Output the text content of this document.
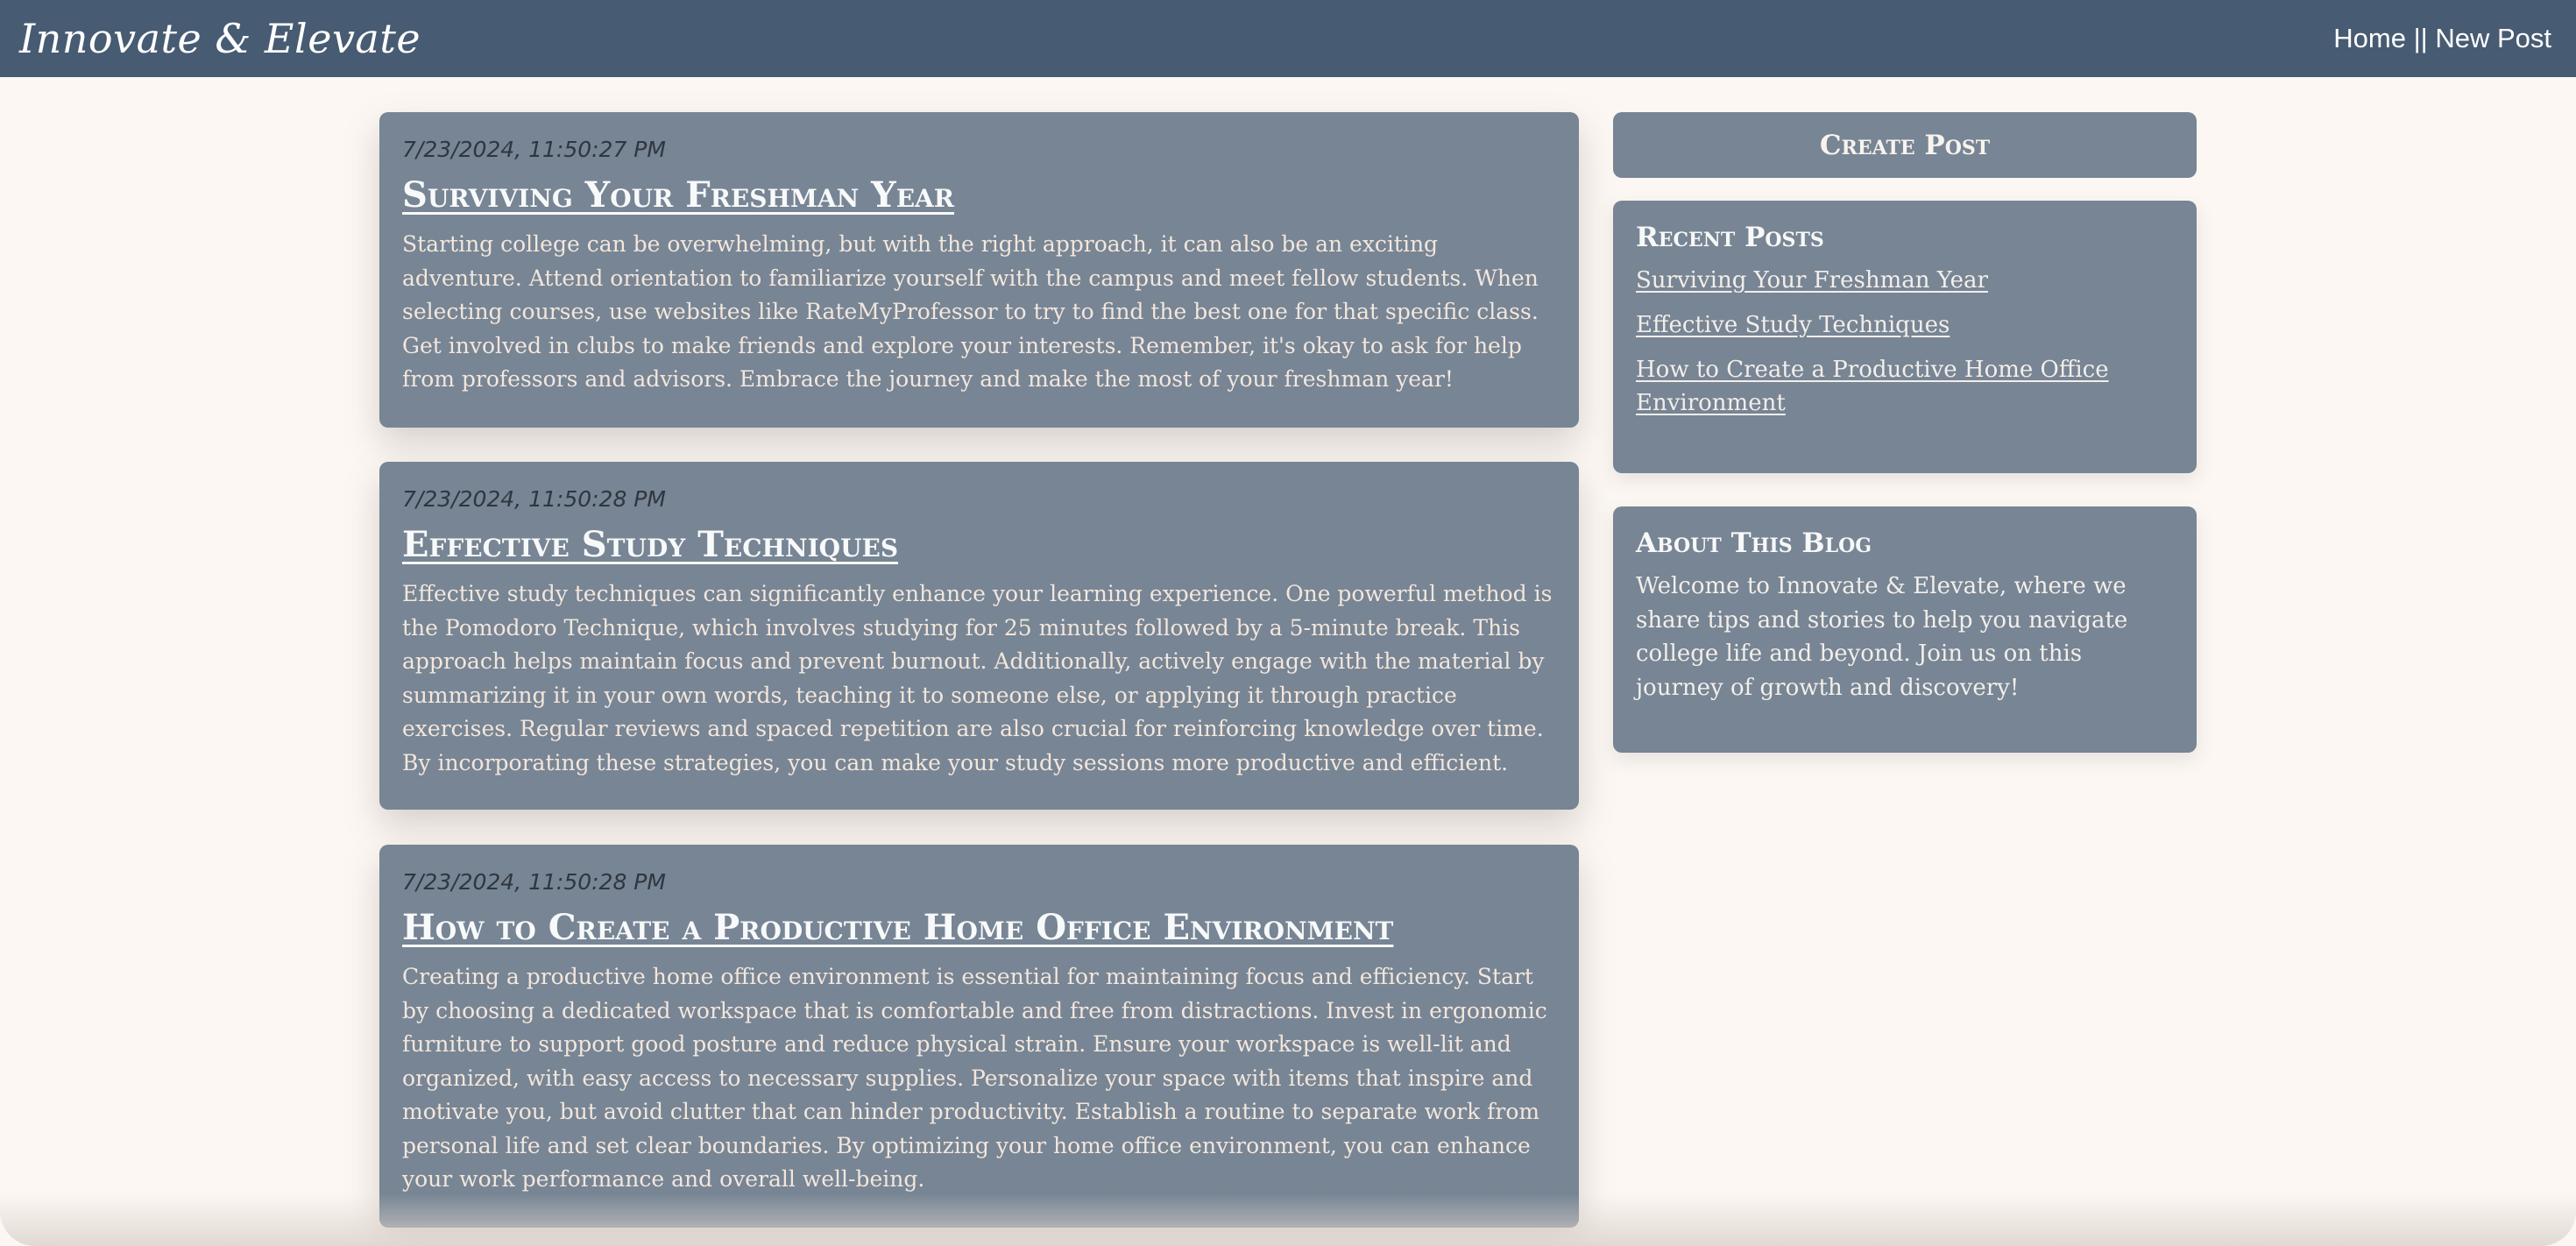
Innovate & Elevate	Home || New Post
7/23/2024, 11:50:27 PM
Surviving Your Freshman Year

Starting college can be overwhelming, but with the right approach, it can also be an exciting adventure. Attend orientation to familiarize yourself with the campus and meet fellow students. When selecting courses, use websites like RateMyProfessor to try to find the best one for that specific class. Get involved in clubs to make friends and explore your interests. Remember, it's okay to ask for help from professors and advisors. Embrace the journey and make the most of your freshman year!

7/23/2024, 11:50:28 PM
Effective Study Techniques

Effective study techniques can significantly enhance your learning experience. One powerful method is the Pomodoro Technique, which involves studying for 25 minutes followed by a 5-minute break. This approach helps maintain focus and prevent burnout. Additionally, actively engage with the material by summarizing it in your own words, teaching it to someone else, or applying it through practice exercises. Regular reviews and spaced repetition are also crucial for reinforcing knowledge over time. By incorporating these strategies, you can make your study sessions more productive and efficient.

7/23/2024, 11:50:28 PM
How to Create a Productive Home Office Environment

Creating a productive home office environment is essential for maintaining focus and efficiency. Start by choosing a dedicated workspace that is comfortable and free from distractions. Invest in ergonomic furniture to support good posture and reduce physical strain. Ensure your workspace is well-lit and organized, with easy access to necessary supplies. Personalize your space with items that inspire and motivate you, but avoid clutter that can hinder productivity. Establish a routine to separate work from personal life and set clear boundaries. By optimizing your home office environment, you can enhance your work performance and overall well-being.

Create Post
Recent Posts
Surviving Your Freshman Year
Effective Study Techniques
How to Create a Productive Home Office Environment
About This Blog

Welcome to Innovate & Elevate, where we share tips and stories to help you navigate college life and beyond. Join us on this journey of growth and discovery!
